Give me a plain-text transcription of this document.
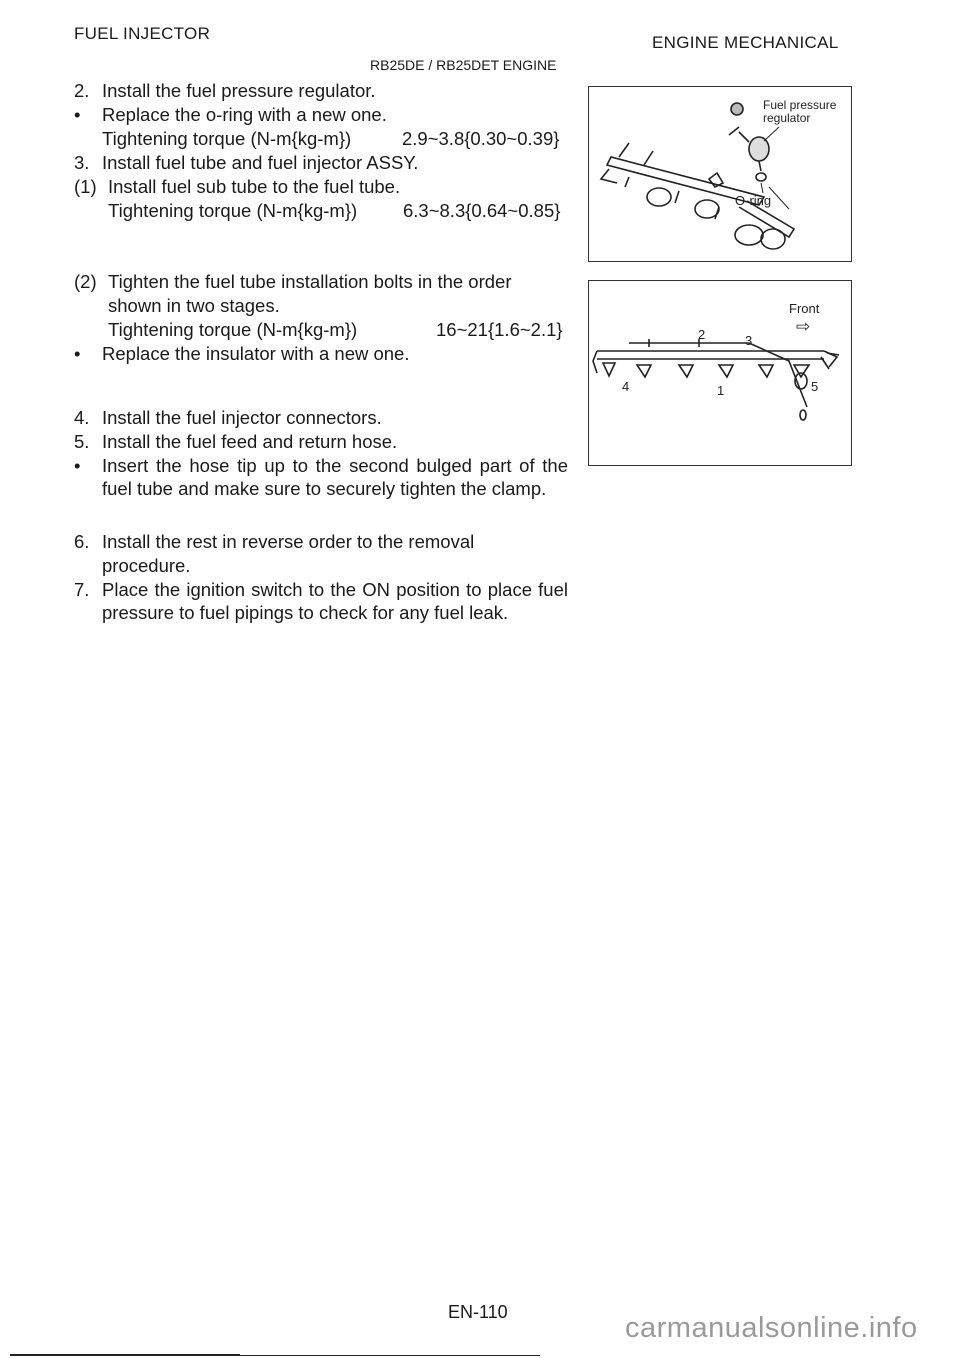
FUEL INJECTOR	ENGINE MECHANICAL
RB25DE / RB25DET ENGINE
2. Install the fuel pressure regulator.
• Replace the o-ring with a new one.
Tightening torque (N-m{kg-m})	2.9~3.8{0.30~0.39}
3. Install fuel tube and fuel injector ASSY.
(1) Install fuel sub tube to the fuel tube.
Tightening torque (N-m{kg-m}) 6.3~8.3{0.64~0.85}
(2) Tighten the fuel tube installation bolts in the order
shown in two stages.
Tightening torque (N-m{kg-m})	16~21{1.6~2.1}
• Replace the insulator with a new one.
4. Install the fuel injector connectors.
5. Install the fuel feed and return hose.
• Insert the hose tip up to the second bulged part of the fuel tube and make sure to securely tighten the clamp.
6. Install the rest in reverse order to the removal
procedure.
7. Place the ignition switch to the ON position to place fuel pressure to fuel pipings to check for any fuel leak.
Fuel pressure regulator
O-ring
Front
⇨
2	3
4	1	5
EN-110	carmanualsonline.info
